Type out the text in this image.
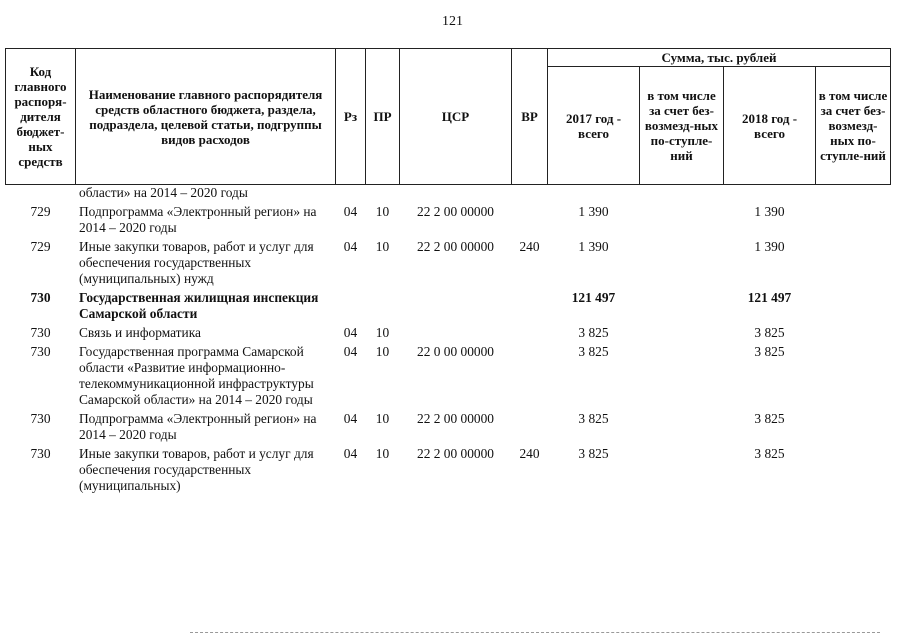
121
Код главного распоря-дителя бюджет-ных средств	Наименование главного распорядителя средств областного бюджета, раздела, подраздела, целевой статьи, подгруппы видов расходов	Рз	ПР	ЦСР	ВР	Сумма, тыс. рублей			
						2017 год - всего	в том числе за счет без-возмезд-ных по-ступле-ний	2018 год - всего	в том числе за счет без-возмезд-ных по-ступле-ний
	области» на 2014 – 2020 годы								
729	Подпрограмма «Электронный регион» на 2014 – 2020 годы	04	10	22 2 00 00000		1 390		1 390	
729	Иные закупки товаров, работ и услуг для обеспечения государственных (муниципальных) нужд	04	10	22 2 00 00000	240	1 390		1 390	
730	Государственная жилищная инспекция Самарской области					121 497		121 497	
730	Связь и информатика	04	10			3 825		3 825	
730	Государственная программа Самарской области «Развитие информационно-телекоммуникационной инфраструктуры Самарской области» на 2014 – 2020 годы	04	10	22 0 00 00000		3 825		3 825	
730	Подпрограмма «Электронный регион» на 2014 – 2020 годы	04	10	22 2 00 00000		3 825		3 825	
730	Иные закупки товаров, работ и услуг для обеспечения государственных (муниципальных)	04	10	22 2 00 00000	240	3 825		3 825	
